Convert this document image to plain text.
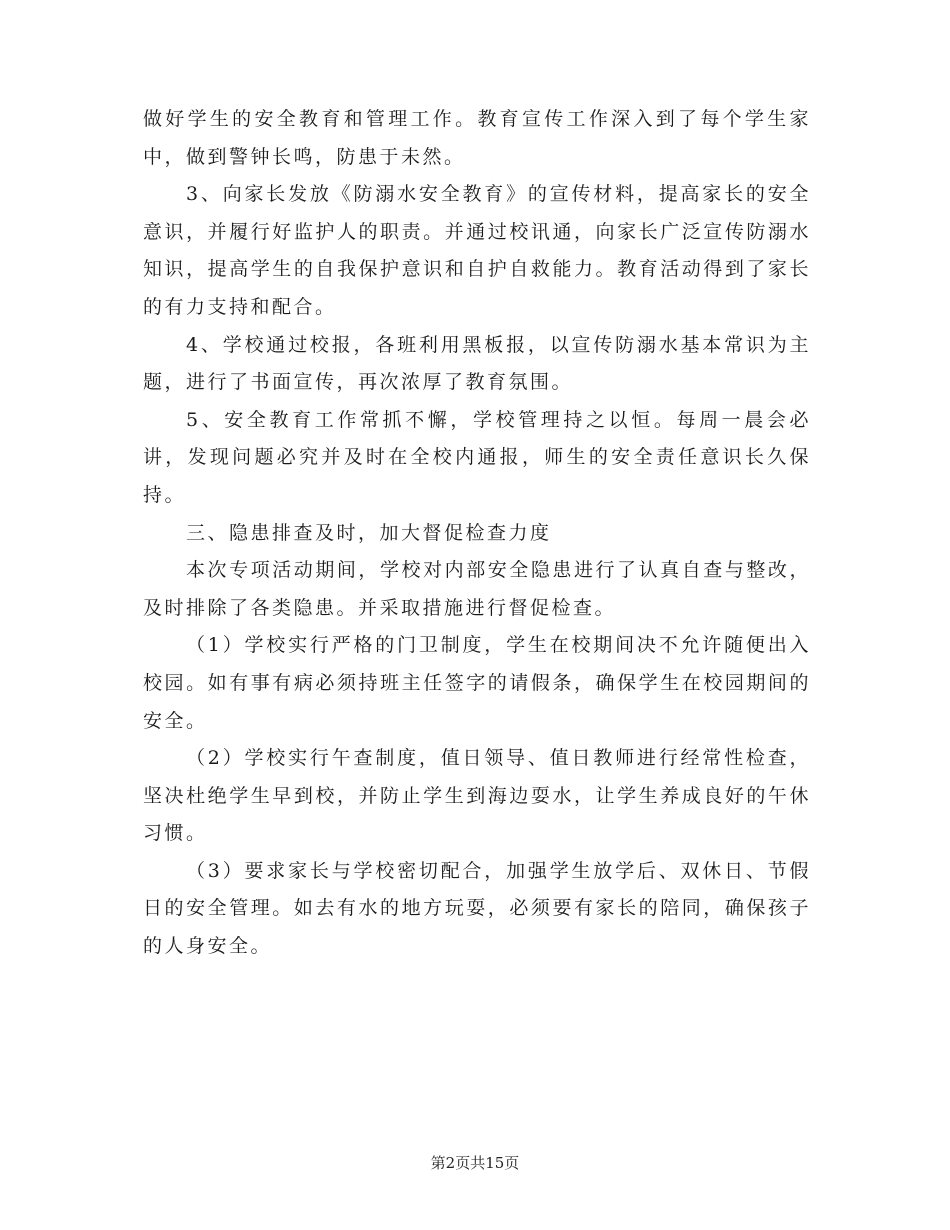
做好学生的安全教育和管理工作。教育宣传工作深入到了每个学生家中，做到警钟长鸣，防患于未然。

3、向家长发放《防溺水安全教育》的宣传材料，提高家长的安全意识，并履行好监护人的职责。并通过校讯通，向家长广泛宣传防溺水知识，提高学生的自我保护意识和自护自救能力。教育活动得到了家长的有力支持和配合。

4、学校通过校报，各班利用黑板报，以宣传防溺水基本常识为主题，进行了书面宣传，再次浓厚了教育氛围。

5、安全教育工作常抓不懈，学校管理持之以恒。每周一晨会必讲，发现问题必究并及时在全校内通报，师生的安全责任意识长久保持。

三、隐患排查及时，加大督促检查力度

本次专项活动期间，学校对内部安全隐患进行了认真自查与整改，及时排除了各类隐患。并采取措施进行督促检查。

（1）学校实行严格的门卫制度，学生在校期间决不允许随便出入校园。如有事有病必须持班主任签字的请假条，确保学生在校园期间的安全。

（2）学校实行午查制度，值日领导、值日教师进行经常性检查，坚决杜绝学生早到校，并防止学生到海边耍水，让学生养成良好的午休习惯。

（3）要求家长与学校密切配合，加强学生放学后、双休日、节假日的安全管理。如去有水的地方玩耍，必须要有家长的陪同，确保孩子的人身安全。

第2页共15页
